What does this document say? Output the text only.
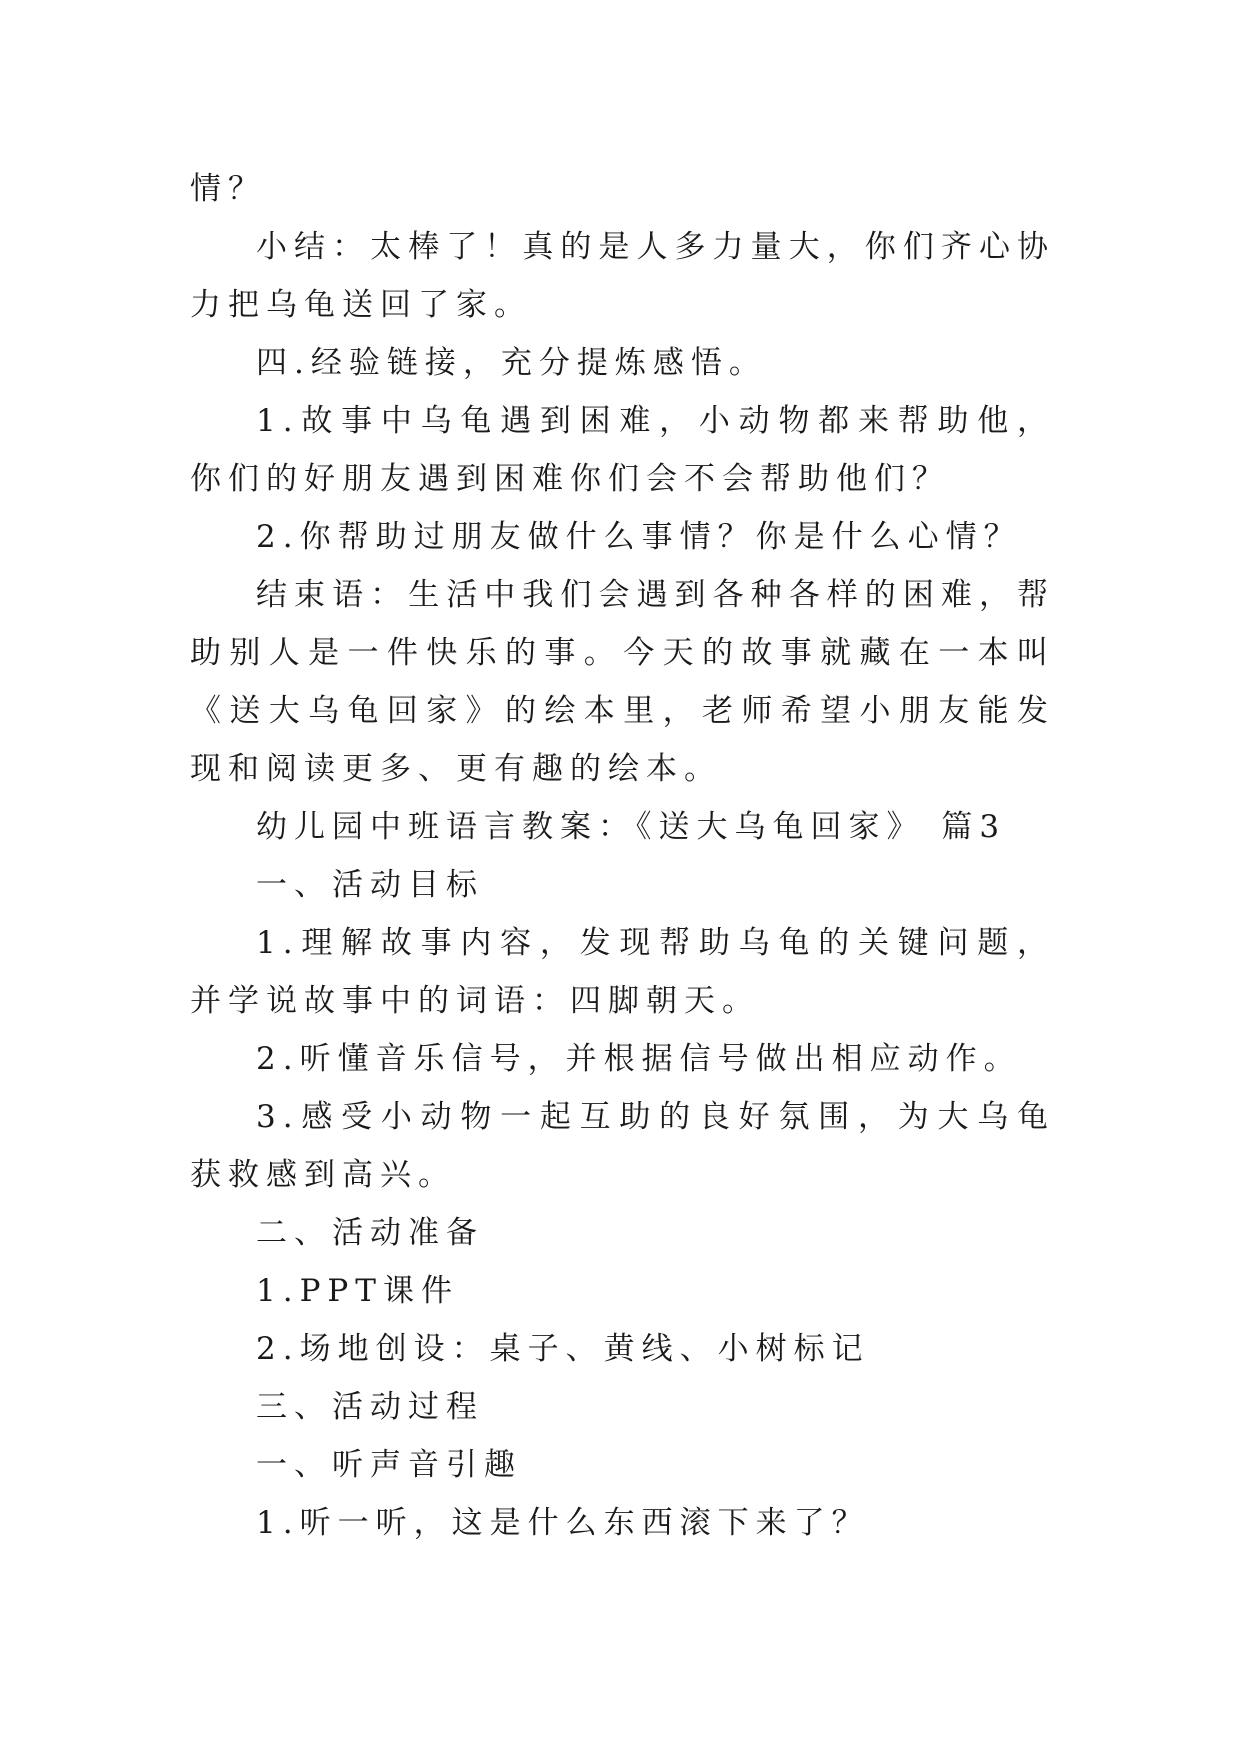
情？

小结：太棒了！真的是人多力量大，你们齐心协力把乌龟送回了家。

四.经验链接，充分提炼感悟。

1.故事中乌龟遇到困难，小动物都来帮助他，你们的好朋友遇到困难你们会不会帮助他们？

2.你帮助过朋友做什么事情？你是什么心情？

结束语：生活中我们会遇到各种各样的困难，帮助别人是一件快乐的事。今天的故事就藏在一本叫《送大乌龟回家》的绘本里，老师希望小朋友能发现和阅读更多、更有趣的绘本。

幼儿园中班语言教案：《送大乌龟回家》 篇3

一、活动目标

1.理解故事内容，发现帮助乌龟的关键问题，并学说故事中的词语：四脚朝天。

2.听懂音乐信号，并根据信号做出相应动作。

3.感受小动物一起互助的良好氛围，为大乌龟获救感到高兴。

二、活动准备

1.PPT课件

2.场地创设：桌子、黄线、小树标记

三、活动过程

一、听声音引趣

1.听一听，这是什么东西滚下来了？
